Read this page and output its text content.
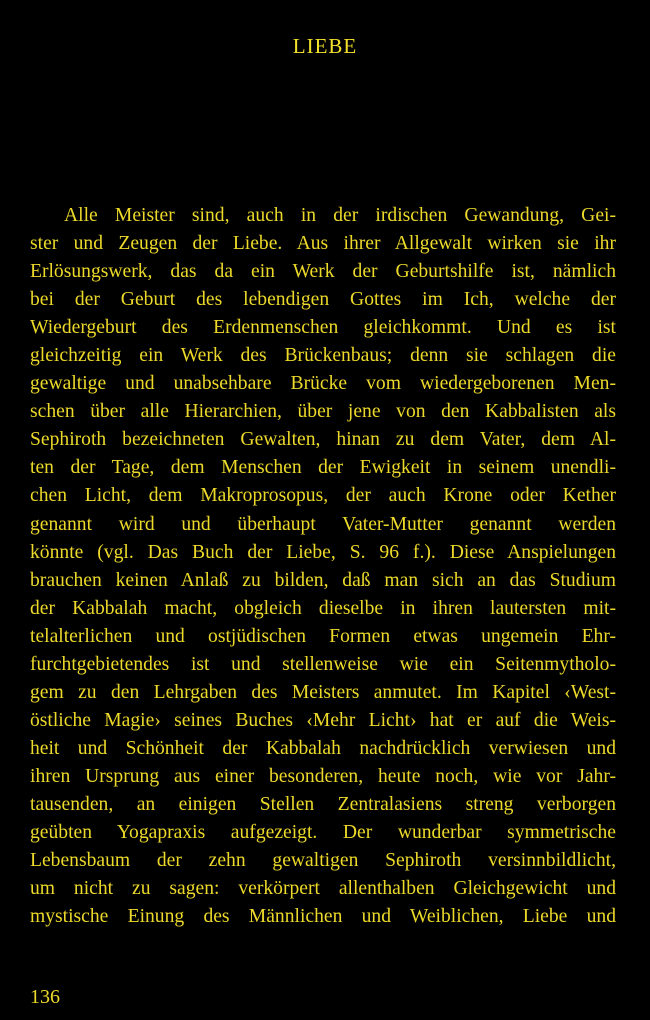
LIEBE
Alle Meister sind, auch in der irdischen Gewandung, Gei-
ster und Zeugen der Liebe. Aus ihrer Allgewalt wirken sie ihr
Erlösungswerk, das da ein Werk der Geburtshilfe ist, nämlich
bei der Geburt des lebendigen Gottes im Ich, welche der
Wiedergeburt des Erdenmenschen gleichkommt. Und es ist
gleichzeitig ein Werk des Brückenbaus; denn sie schlagen die
gewaltige und unabsehbare Brücke vom wiedergeborenen Men-
schen über alle Hierarchien, über jene von den Kabbalisten als
Sephiroth bezeichneten Gewalten, hinan zu dem Vater, dem Al-
ten der Tage, dem Menschen der Ewigkeit in seinem unendli-
chen Licht, dem Makroprosopus, der auch Krone oder Kether
genannt wird und überhaupt Vater-Mutter genannt werden
könnte (vgl. Das Buch der Liebe, S. 96 f.). Diese Anspielungen
brauchen keinen Anlaß zu bilden, daß man sich an das Studium
der Kabbalah macht, obgleich dieselbe in ihren lautersten mit-
telalterlichen und ostjüdischen Formen etwas ungemein Ehr-
furchtgebietendes ist und stellenweise wie ein Seitenmytholo-
gem zu den Lehrgaben des Meisters anmutet. Im Kapitel ‹West-
östliche Magie› seines Buches ‹Mehr Licht› hat er auf die Weis-
heit und Schönheit der Kabbalah nachdrücklich verwiesen und
ihren Ursprung aus einer besonderen, heute noch, wie vor Jahr-
tausenden, an einigen Stellen Zentralasiens streng verborgen
geübten Yogapraxis aufgezeigt. Der wunderbar symmetrische
Lebensbaum der zehn gewaltigen Sephiroth versinnbildlicht,
um nicht zu sagen: verkörpert allenthalben Gleichgewicht und
mystische Einung des Männlichen und Weiblichen, Liebe und
136
